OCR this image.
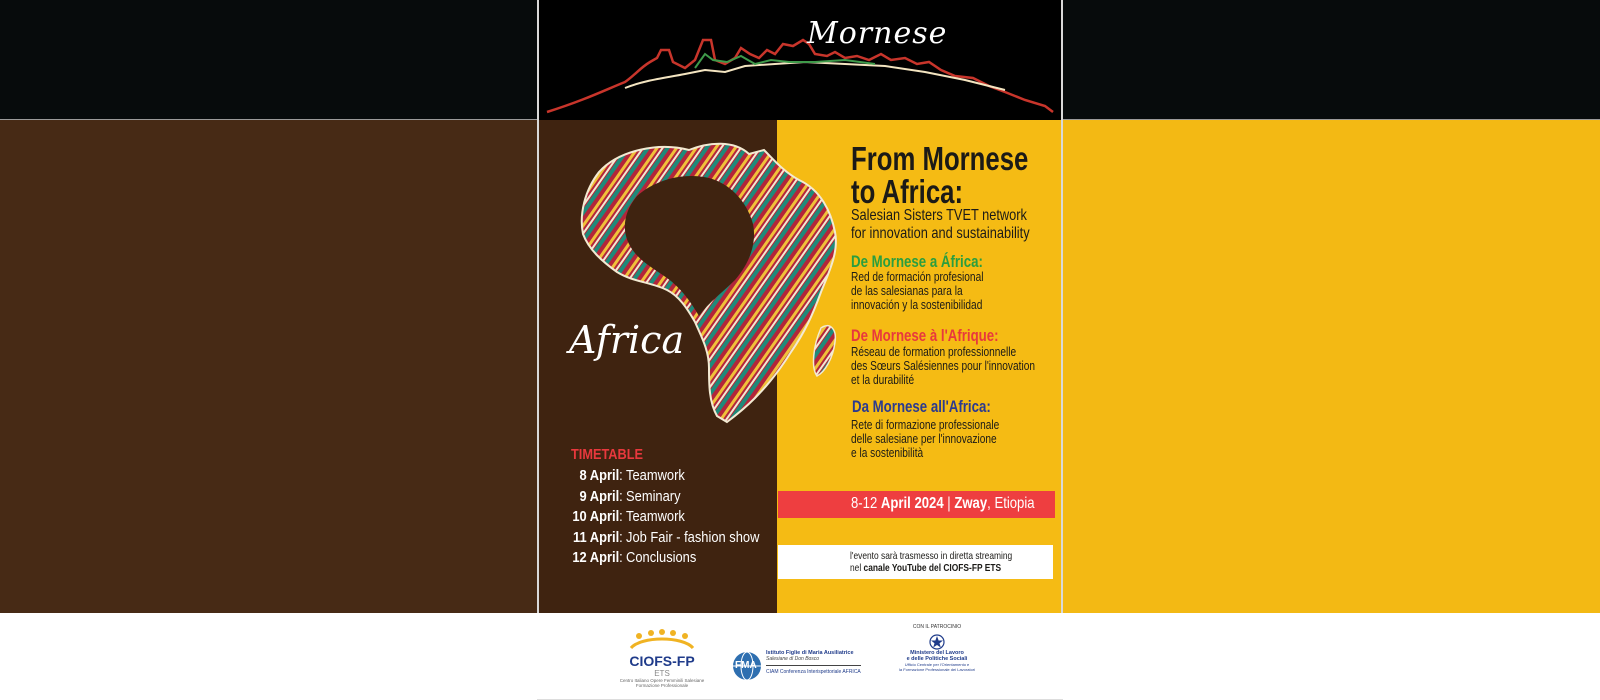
Mornese
Africa
TIMETABLE
8 April : Teamwork
9 April : Seminary
10 April : Teamwork
11 April : Job Fair - fashion show
12 April : Conclusions
From Mornese
to Africa:
Salesian Sisters TVET network
for innovation and sustainability
De Mornese a África:
Red de formación profesional
de las salesianas para la
innovación y la sostenibilidad
De Mornese à l'Afrique:
Réseau de formation professionnelle
des Sœurs Salésiennes pour l'innovation
et la durabilité
Da Mornese all'Africa:
Rete di formazione professionale
delle salesiane per l'innovazione
e la sostenibilità
8-12 April 2024 | Zway, Etiopia
l'evento sarà trasmesso in diretta streaming
nel canale YouTube del CIOFS-FP ETS
CIOFS-FP
ETS
Centro Italiano Opere Femminili Salesiane
Formazione Professionale
FMA
Istituto Figlie di Maria Ausiliatrice
Salesiane di Don Bosco
CIAM Conferenza Interispettoriale AFRICA
CON IL PATROCINIO
Ministero del Lavoro
e delle Politiche Sociali
Ufficio Centrale per l'Orientamento e
la Formazione Professionale dei Lavoratori
